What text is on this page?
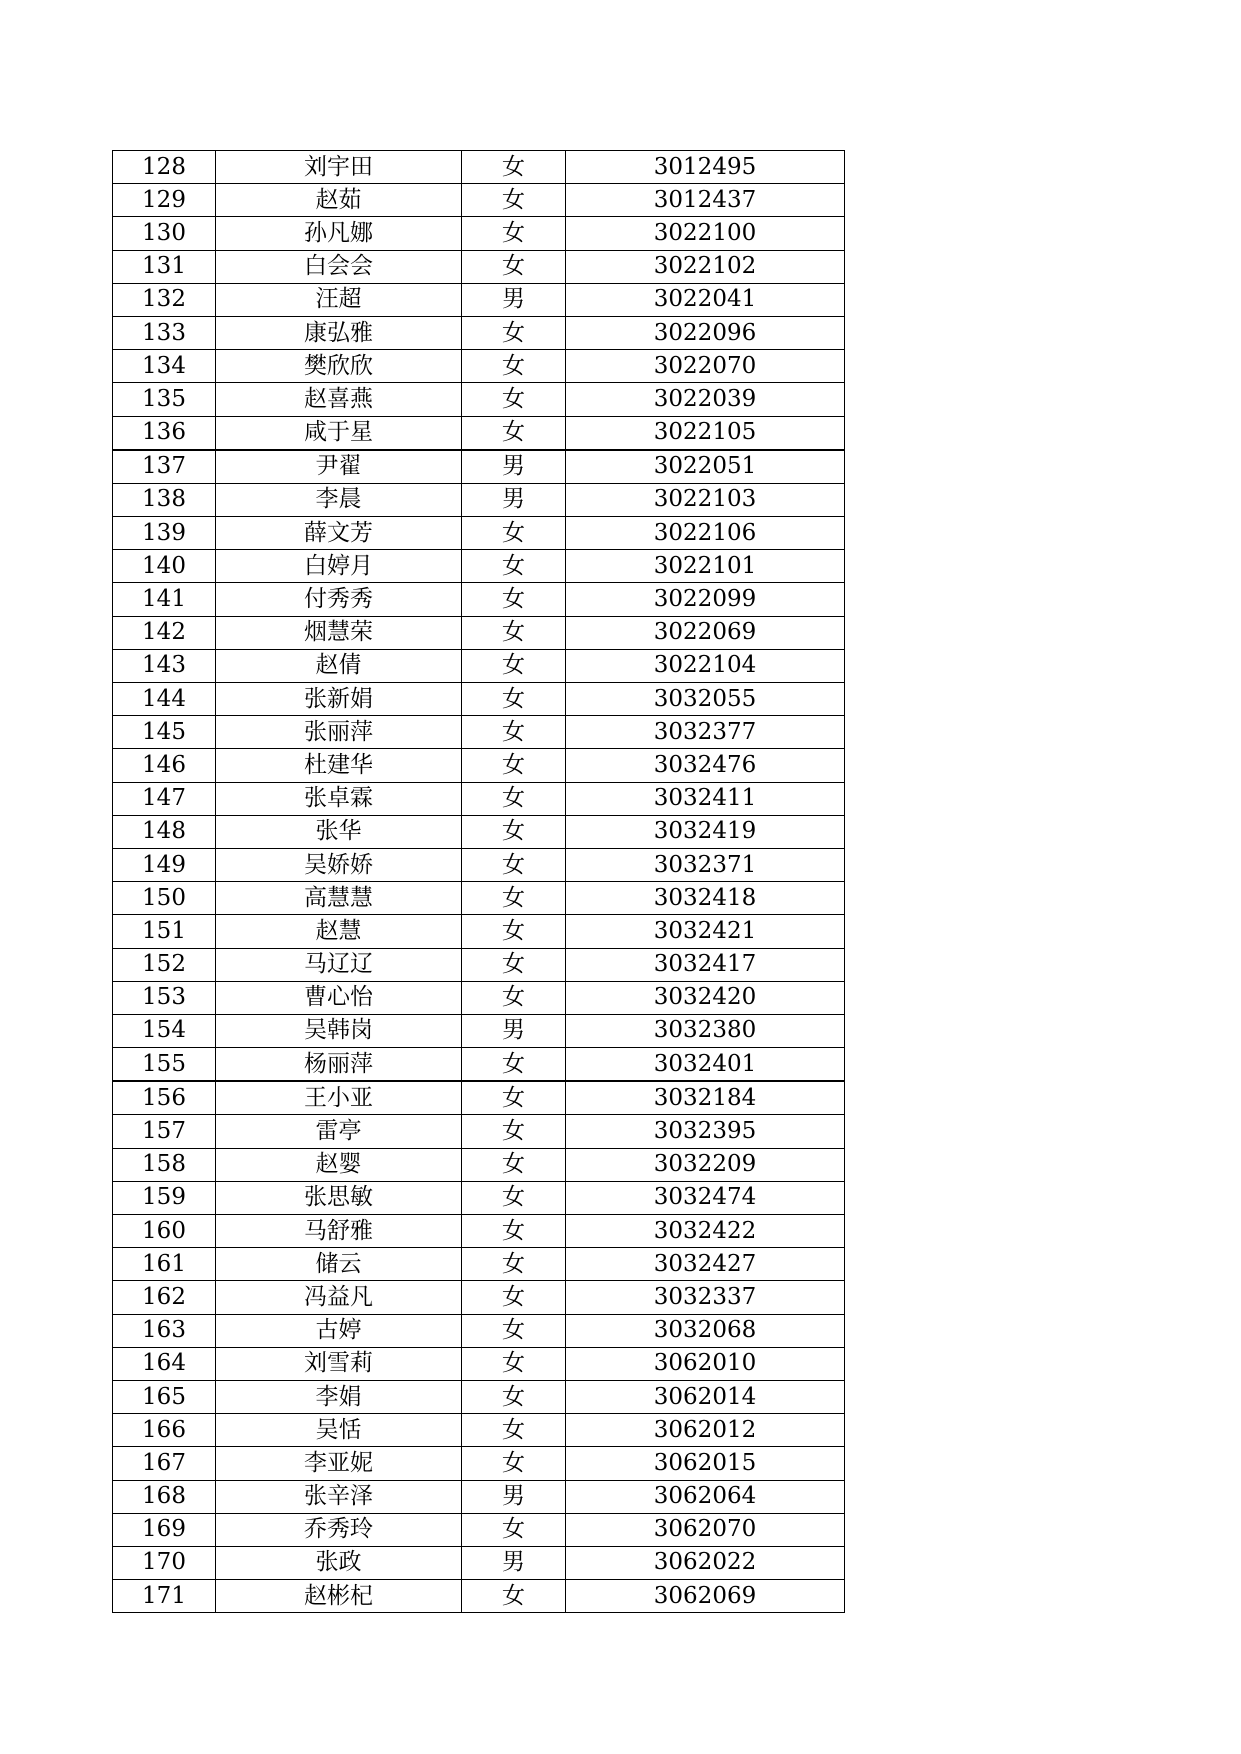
128	刘宇田	女	3012495
129	赵茹	女	3012437
130	孙凡娜	女	3022100
131	白会会	女	3022102
132	汪超	男	3022041
133	康弘雅	女	3022096
134	樊欣欣	女	3022070
135	赵喜燕	女	3022039
136	咸于星	女	3022105
137	尹翟	男	3022051
138	李晨	男	3022103
139	薛文芳	女	3022106
140	白婷月	女	3022101
141	付秀秀	女	3022099
142	烟慧荣	女	3022069
143	赵倩	女	3022104
144	张新娟	女	3032055
145	张丽萍	女	3032377
146	杜建华	女	3032476
147	张卓霖	女	3032411
148	张华	女	3032419
149	吴娇娇	女	3032371
150	高慧慧	女	3032418
151	赵慧	女	3032421
152	马辽辽	女	3032417
153	曹心怡	女	3032420
154	吴韩岗	男	3032380
155	杨丽萍	女	3032401
156	王小亚	女	3032184
157	雷亭	女	3032395
158	赵婴	女	3032209
159	张思敏	女	3032474
160	马舒雅	女	3032422
161	储云	女	3032427
162	冯益凡	女	3032337
163	古婷	女	3032068
164	刘雪莉	女	3062010
165	李娟	女	3062014
166	吴恬	女	3062012
167	李亚妮	女	3062015
168	张辛泽	男	3062064
169	乔秀玲	女	3062070
170	张政	男	3062022
171	赵彬杞	女	3062069
